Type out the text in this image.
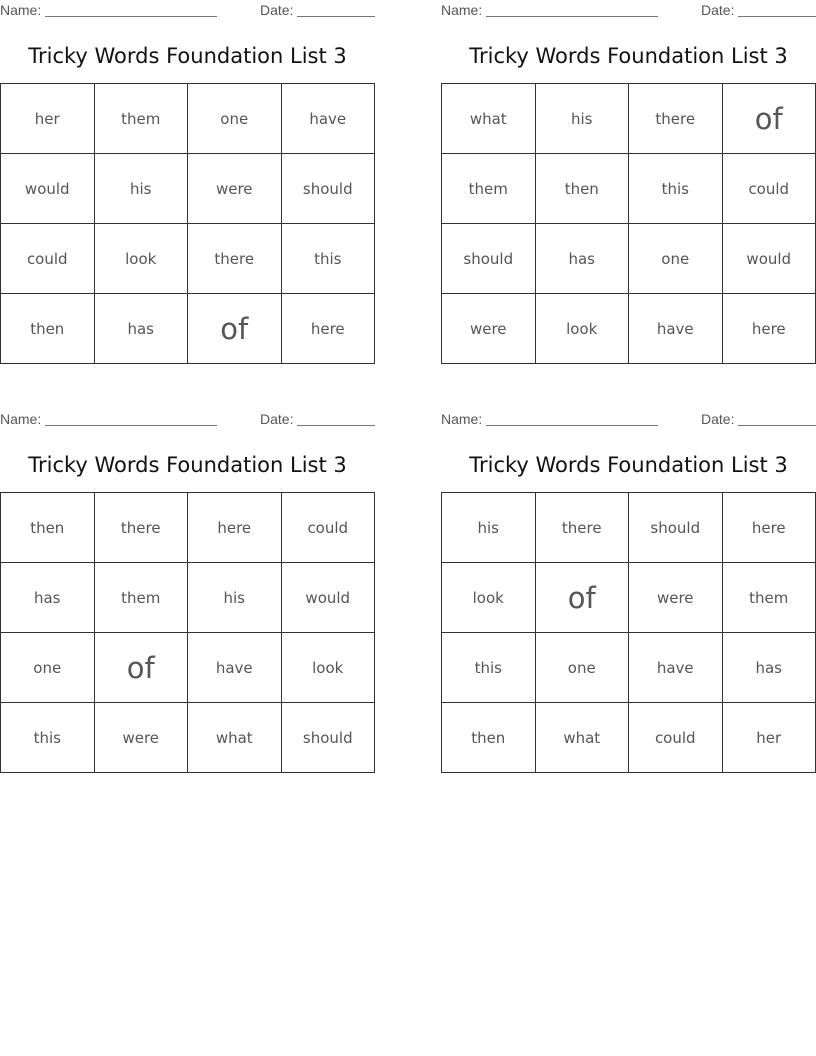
Name:	Date:
Tricky Words Foundation List 3
her	them	one	have
would	his	were	should
could	look	there	this
then	has	of	here
Name:	Date:
Tricky Words Foundation List 3
what	his	there	of
them	then	this	could
should	has	one	would
were	look	have	here
Name:	Date:
Tricky Words Foundation List 3
then	there	here	could
has	them	his	would
one	of	have	look
this	were	what	should
Name:	Date:
Tricky Words Foundation List 3
his	there	should	here
look	of	were	them
this	one	have	has
then	what	could	her
